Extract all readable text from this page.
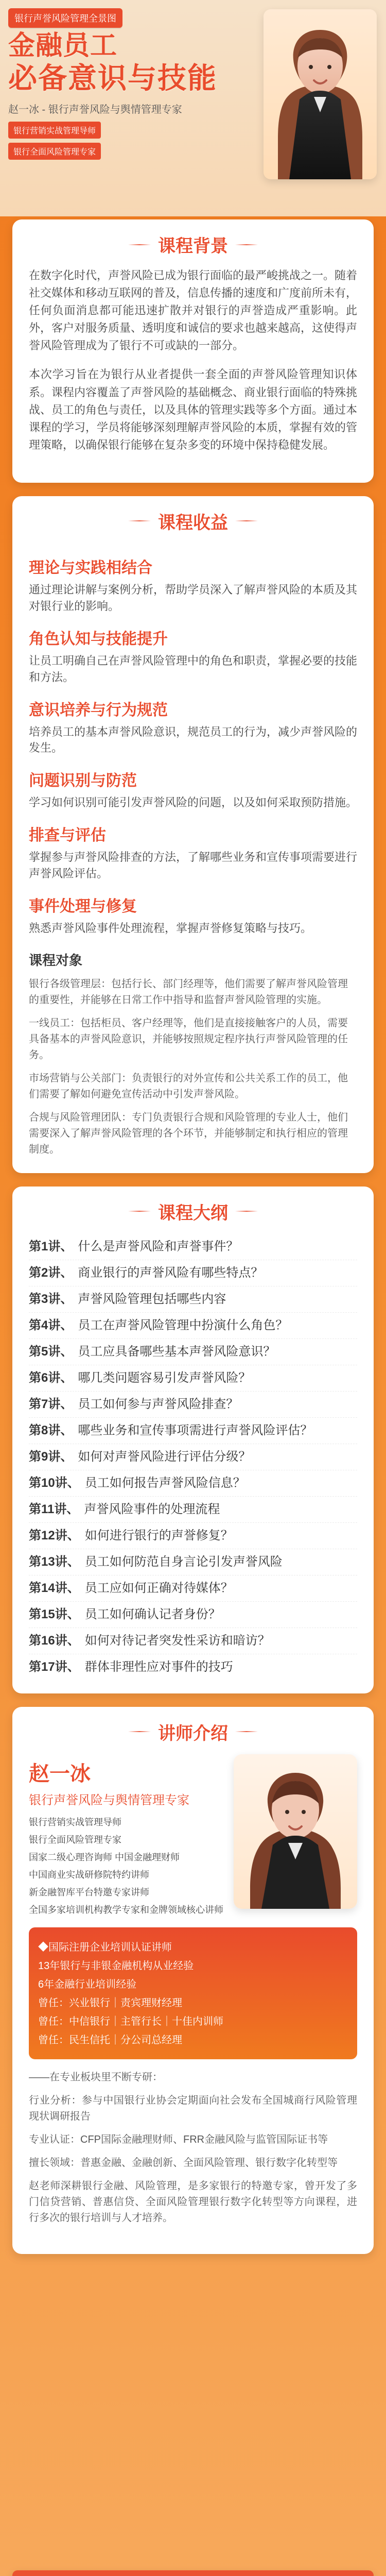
银行声誉风险管理全景图
金融员工
必备意识与技能
赵一冰 - 银行声誉风险与舆情管理专家
银行营销实战管理导师
银行全面风险管理专家
课程背景

在数字化时代，声誉风险已成为银行面临的最严峻挑战之一。随着社交媒体和移动互联网的普及，信息传播的速度和广度前所未有，任何负面消息都可能迅速扩散并对银行的声誉造成严重影响。此外，客户对服务质量、透明度和诚信的要求也越来越高，这使得声誉风险管理成为了银行不可或缺的一部分。

本次学习旨在为银行从业者提供一套全面的声誉风险管理知识体系。课程内容覆盖了声誉风险的基础概念、商业银行面临的特殊挑战、员工的角色与责任，以及具体的管理实践等多个方面。通过本课程的学习，学员将能够深刻理解声誉风险的本质，掌握有效的管理策略，以确保银行能够在复杂多变的环境中保持稳健发展。

课程收益
理论与实践相结合
通过理论讲解与案例分析，帮助学员深入了解声誉风险的本质及其对银行业的影响。
角色认知与技能提升
让员工明确自己在声誉风险管理中的角色和职责，掌握必要的技能和方法。
意识培养与行为规范
培养员工的基本声誉风险意识，规范员工的行为，减少声誉风险的发生。
问题识别与防范
学习如何识别可能引发声誉风险的问题，以及如何采取预防措施。
排查与评估
掌握参与声誉风险排查的方法，了解哪些业务和宣传事项需要进行声誉风险评估。
事件处理与修复
熟悉声誉风险事件处理流程，掌握声誉修复策略与技巧。
课程对象
银行各级管理层：包括行长、部门经理等，他们需要了解声誉风险管理的重要性，并能够在日常工作中指导和监督声誉风险管理的实施。
一线员工：包括柜员、客户经理等，他们是直接接触客户的人员，需要具备基本的声誉风险意识，并能够按照规定程序执行声誉风险管理的任务。
市场营销与公关部门：负责银行的对外宣传和公共关系工作的员工，他们需要了解如何避免宣传活动中引发声誉风险。
合规与风险管理团队：专门负责银行合规和风险管理的专业人士，他们需要深入了解声誉风险管理的各个环节，并能够制定和执行相应的管理制度。
课程大纲
第1讲、 什么是声誉风险和声誉事件？
第2讲、 商业银行的声誉风险有哪些特点？
第3讲、 声誉风险管理包括哪些内容
第4讲、 员工在声誉风险管理中扮演什么角色？
第5讲、 员工应具备哪些基本声誉风险意识？
第6讲、 哪几类问题容易引发声誉风险？
第7讲、 员工如何参与声誉风险排查？
第8讲、 哪些业务和宣传事项需进行声誉风险评估？
第9讲、 如何对声誉风险进行评估分级？
第10讲、 员工如何报告声誉风险信息？
第11讲、 声誉风险事件的处理流程
第12讲、 如何进行银行的声誉修复？
第13讲、 员工如何防范自身言论引发声誉风险
第14讲、 员工应如何正确对待媒体？
第15讲、 员工如何确认记者身份？
第16讲、 如何对待记者突发性采访和暗访？
第17讲、 群体非理性应对事件的技巧
讲师介绍
赵一冰
银行声誉风险与舆情管理专家
银行营销实战管理导师
银行全面风险管理专家
国家二级心理咨询师 中国金融理财师
中国商业实战研修院特约讲师
新金融智库平台特邀专家讲师
全国多家培训机构教学专家和金牌领域核心讲师
◆国际注册企业培训认证讲师
13年银行与非银金融机构从业经验
6年金融行业培训经验
曾任：兴业银行｜责宾理财经理
曾任：中信银行｜主管行长｜十佳内训师
曾任：民生信托｜分公司总经理
——在专业板块里不断专研：
行业分析：参与中国银行业协会定期面向社会发布全国城商行风险管理现状调研报告
专业认证：CFP国际金融理财师、FRR金融风险与监管国际证书等
擅长领域：普惠金融、金融创新、全面风险管理、银行数字化转型等
赵老师深耕银行金融、风险管理，是多家银行的特邀专家，曾开发了多门信贷营销、普惠信贷、全面风险管理银行数字化转型等方向课程，进行多次的银行培训与人才培养。
